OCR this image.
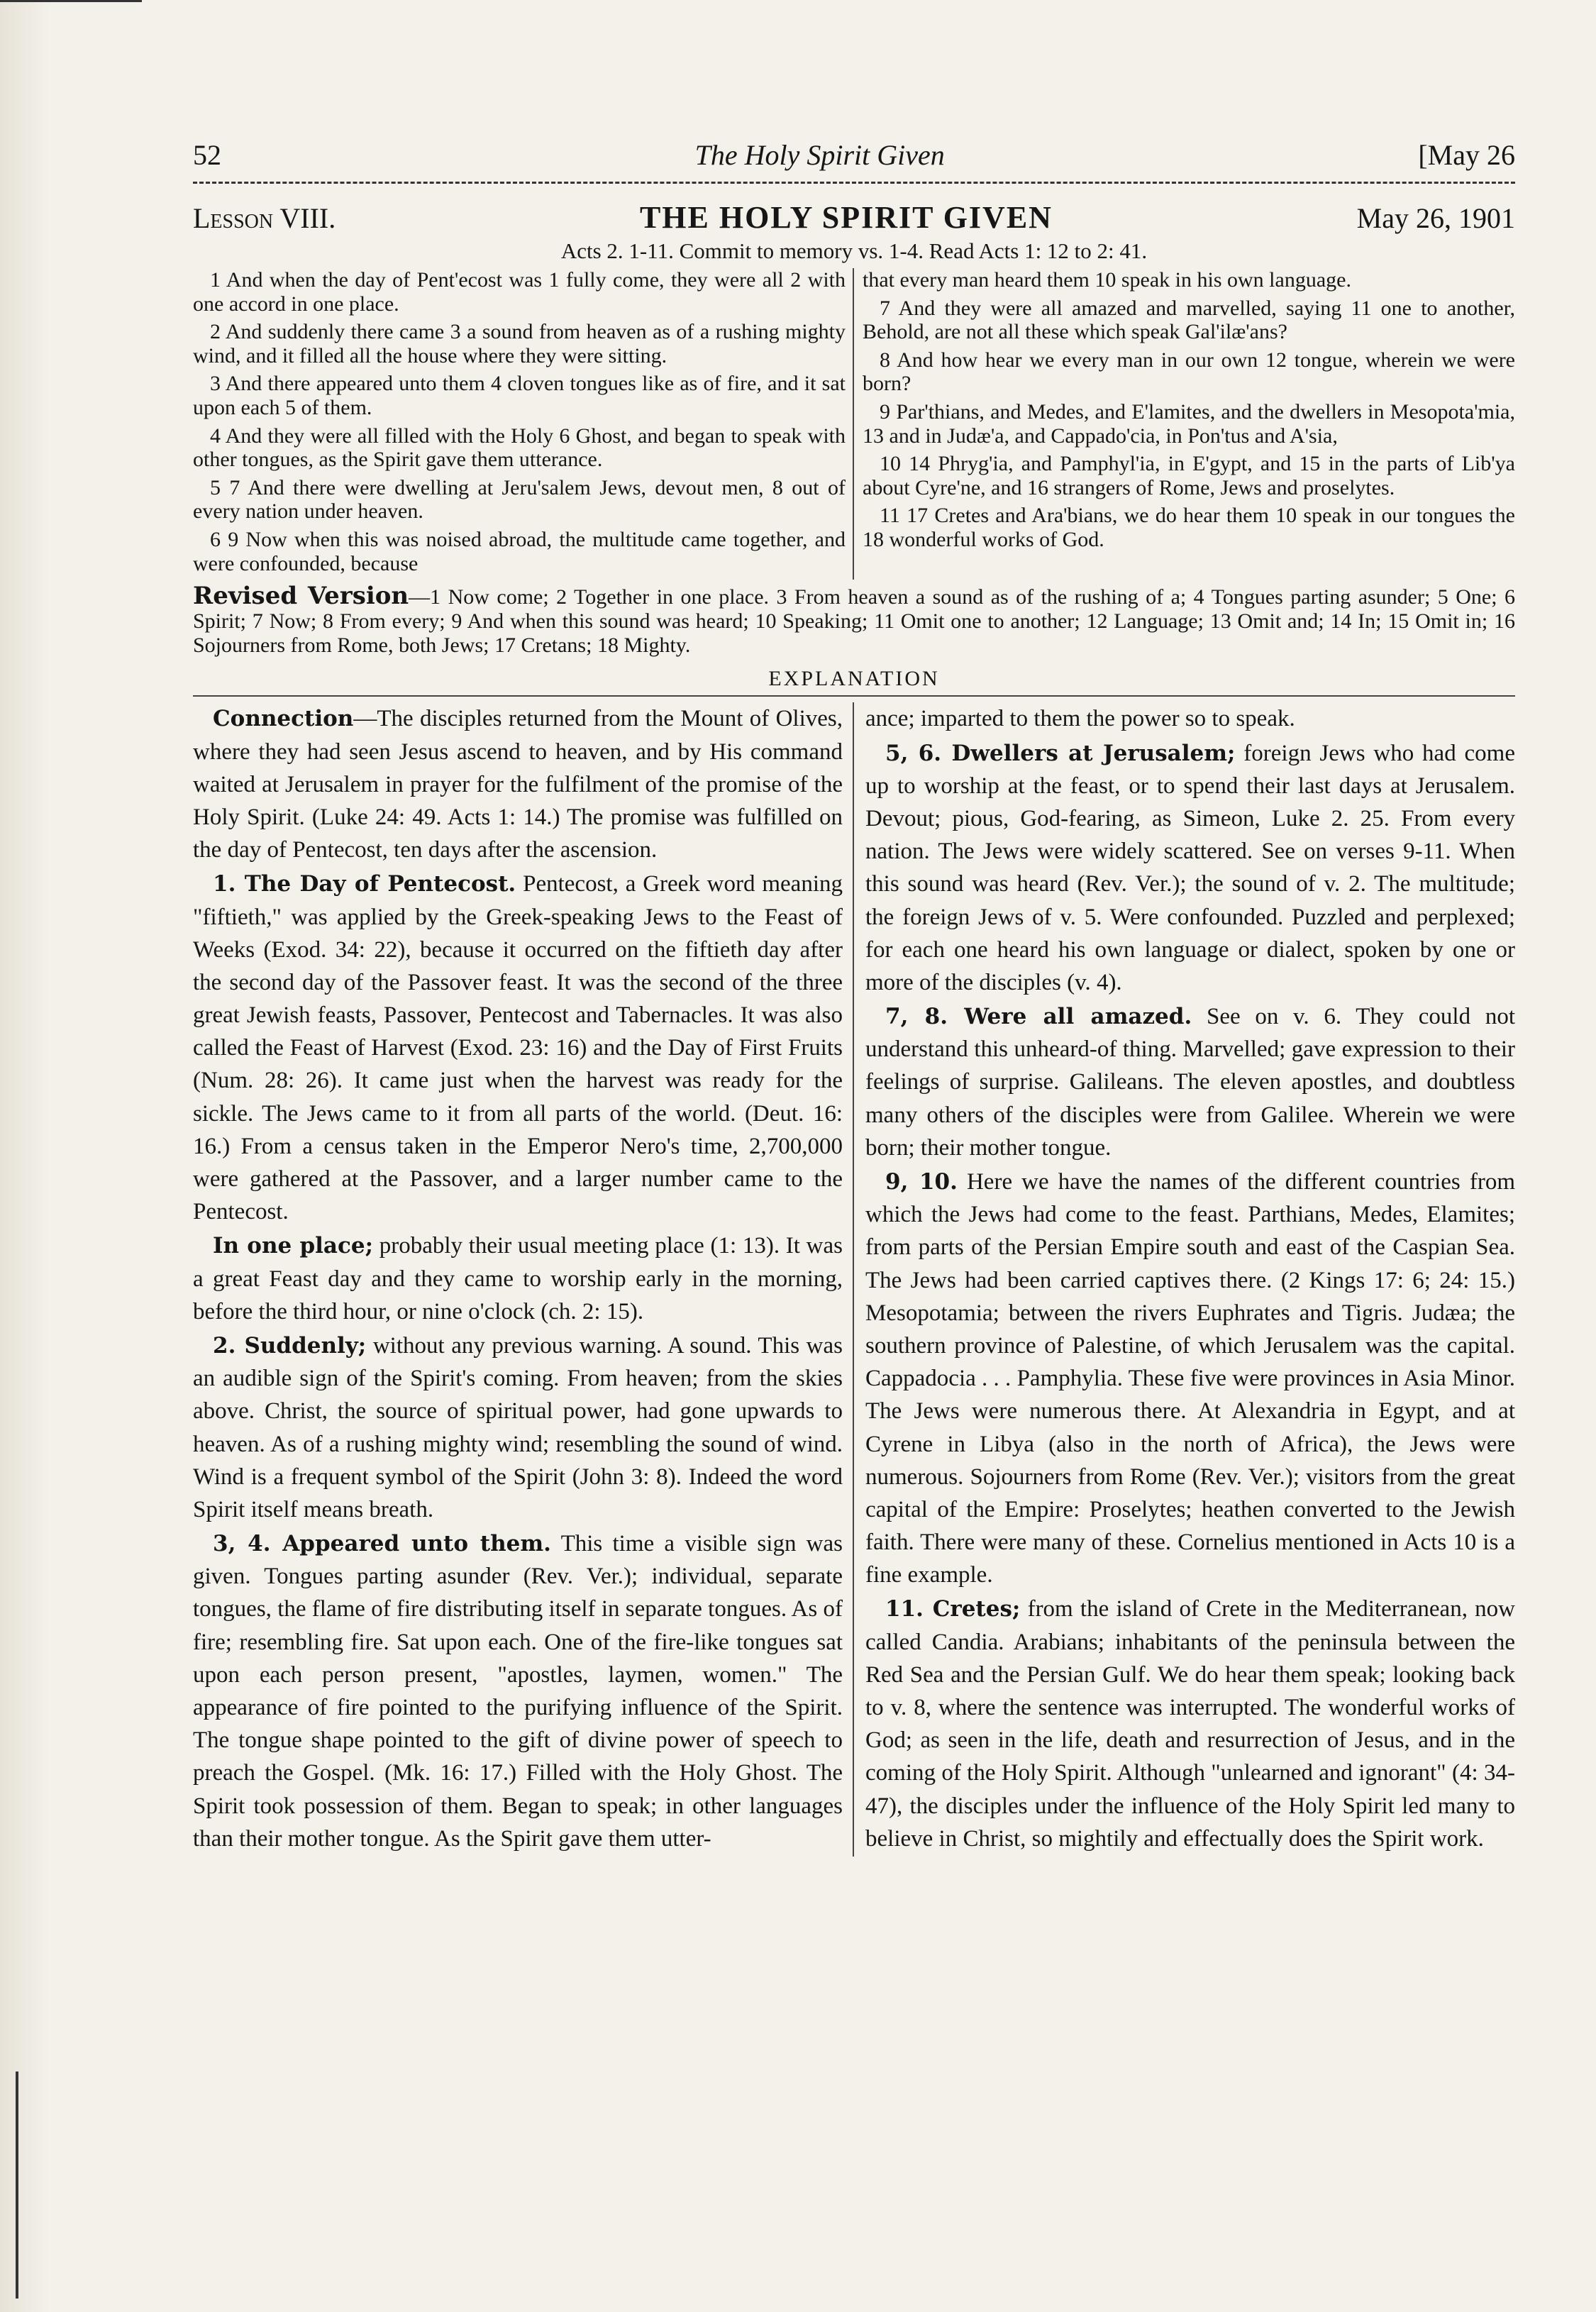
52	The Holy Spirit Given	[May 26
Lesson VIII.	THE HOLY SPIRIT GIVEN	May 26, 1901
Acts 2. 1-11. Commit to memory vs. 1-4. Read Acts 1: 12 to 2: 41.

1 And when the day of Pent'ecost was 1 fully come, they were all 2 with one accord in one place.

2 And suddenly there came 3 a sound from heaven as of a rushing mighty wind, and it filled all the house where they were sitting.

3 And there appeared unto them 4 cloven tongues like as of fire, and it sat upon each 5 of them.

4 And they were all filled with the Holy 6 Ghost, and began to speak with other tongues, as the Spirit gave them utterance.

5 7 And there were dwelling at Jeru'salem Jews, devout men, 8 out of every nation under heaven.

6 9 Now when this was noised abroad, the multitude came together, and were confounded, because

that every man heard them 10 speak in his own language.

7 And they were all amazed and marvelled, saying 11 one to another, Behold, are not all these which speak Gal'ilæ'ans?

8 And how hear we every man in our own 12 tongue, wherein we were born?

9 Par'thians, and Medes, and E'lamites, and the dwellers in Mesopota'mia, 13 and in Judæ'a, and Cappado'cia, in Pon'tus and A'sia,

10 14 Phryg'ia, and Pamphyl'ia, in E'gypt, and 15 in the parts of Lib'ya about Cyre'ne, and 16 strangers of Rome, Jews and proselytes.

11 17 Cretes and Ara'bians, we do hear them 10 speak in our tongues the 18 wonderful works of God.

Revised Version—1 Now come; 2 Together in one place. 3 From heaven a sound as of the rushing of a; 4 Tongues parting asunder; 5 One; 6 Spirit; 7 Now; 8 From every; 9 And when this sound was heard; 10 Speaking; 11 Omit one to another; 12 Language; 13 Omit and; 14 In; 15 Omit in; 16 Sojourners from Rome, both Jews; 17 Cretans; 18 Mighty.
EXPLANATION

Connection—The disciples returned from the Mount of Olives, where they had seen Jesus ascend to heaven, and by His command waited at Jerusalem in prayer for the fulfilment of the promise of the Holy Spirit. (Luke 24: 49. Acts 1: 14.) The promise was fulfilled on the day of Pentecost, ten days after the ascension.

1. The Day of Pentecost. Pentecost, a Greek word meaning "fiftieth," was applied by the Greek-speaking Jews to the Feast of Weeks (Exod. 34: 22), because it occurred on the fiftieth day after the second day of the Passover feast. It was the second of the three great Jewish feasts, Passover, Pentecost and Tabernacles. It was also called the Feast of Harvest (Exod. 23: 16) and the Day of First Fruits (Num. 28: 26). It came just when the harvest was ready for the sickle. The Jews came to it from all parts of the world. (Deut. 16: 16.) From a census taken in the Emperor Nero's time, 2,700,000 were gathered at the Passover, and a larger number came to the Pentecost.

In one place; probably their usual meeting place (1: 13). It was a great Feast day and they came to worship early in the morning, before the third hour, or nine o'clock (ch. 2: 15).

2. Suddenly; without any previous warning. A sound. This was an audible sign of the Spirit's coming. From heaven; from the skies above. Christ, the source of spiritual power, had gone upwards to heaven. As of a rushing mighty wind; resembling the sound of wind. Wind is a frequent symbol of the Spirit (John 3: 8). Indeed the word Spirit itself means breath.

3, 4. Appeared unto them. This time a visible sign was given. Tongues parting asunder (Rev. Ver.); individual, separate tongues, the flame of fire distributing itself in separate tongues. As of fire; resembling fire. Sat upon each. One of the fire-like tongues sat upon each person present, "apostles, laymen, women." The appearance of fire pointed to the purifying influence of the Spirit. The tongue shape pointed to the gift of divine power of speech to preach the Gospel. (Mk. 16: 17.) Filled with the Holy Ghost. The Spirit took possession of them. Began to speak; in other languages than their mother tongue. As the Spirit gave them utter-

ance; imparted to them the power so to speak.

5, 6. Dwellers at Jerusalem; foreign Jews who had come up to worship at the feast, or to spend their last days at Jerusalem. Devout; pious, God-fearing, as Simeon, Luke 2. 25. From every nation. The Jews were widely scattered. See on verses 9-11. When this sound was heard (Rev. Ver.); the sound of v. 2. The multitude; the foreign Jews of v. 5. Were confounded. Puzzled and perplexed; for each one heard his own language or dialect, spoken by one or more of the disciples (v. 4).

7, 8. Were all amazed. See on v. 6. They could not understand this unheard-of thing. Marvelled; gave expression to their feelings of surprise. Galileans. The eleven apostles, and doubtless many others of the disciples were from Galilee. Wherein we were born; their mother tongue.

9, 10. Here we have the names of the different countries from which the Jews had come to the feast. Parthians, Medes, Elamites; from parts of the Persian Empire south and east of the Caspian Sea. The Jews had been carried captives there. (2 Kings 17: 6; 24: 15.) Mesopotamia; between the rivers Euphrates and Tigris. Judæa; the southern province of Palestine, of which Jerusalem was the capital. Cappadocia . . . Pamphylia. These five were provinces in Asia Minor. The Jews were numerous there. At Alexandria in Egypt, and at Cyrene in Libya (also in the north of Africa), the Jews were numerous. Sojourners from Rome (Rev. Ver.); visitors from the great capital of the Empire: Proselytes; heathen converted to the Jewish faith. There were many of these. Cornelius mentioned in Acts 10 is a fine example.

11. Cretes; from the island of Crete in the Mediterranean, now called Candia. Arabians; inhabitants of the peninsula between the Red Sea and the Persian Gulf. We do hear them speak; looking back to v. 8, where the sentence was interrupted. The wonderful works of God; as seen in the life, death and resurrection of Jesus, and in the coming of the Holy Spirit. Although "unlearned and ignorant" (4: 34-47), the disciples under the influence of the Holy Spirit led many to believe in Christ, so mightily and effectually does the Spirit work.
